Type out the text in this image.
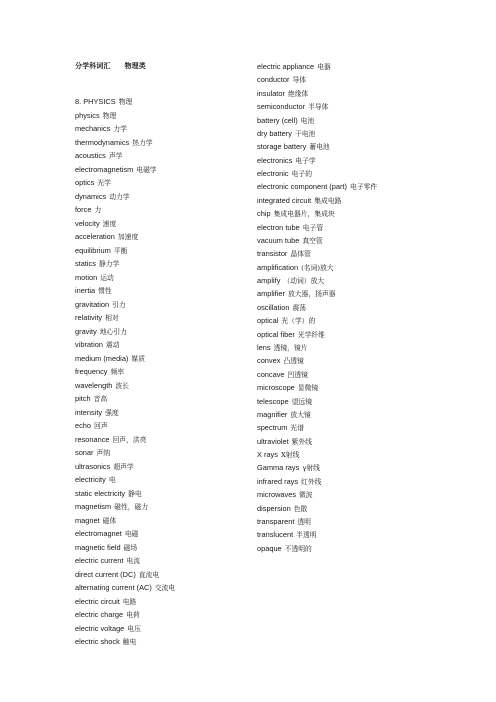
分学科词汇 物理类
8. PHYSICS 物理
physics 物理
mechanics 力学
thermodynamics 热力学
acoustics 声学
electromagnetism 电磁学
optics 光学
dynamics 动力学
force 力
velocity 速度
acceleration 加速度
equilibrium 平衡
statics 静力学
motion 运动
inertia 惯性
gravitation 引力
relativity 相对
gravity 地心引力
vibration 震动
medium (media) 媒质
frequency 频率
wavelength 波长
pitch 音高
intensity 强度
echo 回声
resonance 回声，洪亮
sonar 声纳
ultrasonics 超声学
electricity 电
static electricity 静电
magnetism 磁性，磁力
magnet 磁体
electromagnet 电磁
magnetic field 磁场
electric current 电流
direct current (DC) 直流电
alternating current (AC) 交流电
electric circuit 电路
electric charge 电荷
electric voltage 电压
electric shock 触电
electric appliance 电器
conductor 导体
insulator 绝缘体
semiconductor 半导体
battery (cell) 电池
dry battery 干电池
storage battery 蓄电池
electronics 电子学
electronic 电子的
electronic component (part) 电子零件
integrated circuit 集成电路
chip 集成电器片，集成块
electron tube 电子管
vacuum tube 真空管
transistor 晶体管
amplification (名词)放大
amplify （动词）放大
amplifier 放大器，扬声器
oscillation 震荡
optical 光（学）的
optical fiber 光学纤维
lens 透镜，镜片
convex 凸透镜
concave 凹透镜
microscope 显微镜
telescope 望远镜
magnifier 放大镜
spectrum 光谱
ultraviolet 紫外线
X rays X射线
Gamma rays γ射线
infrared rays 红外线
microwaves 微波
dispersion 色散
transparent 透明
translucent 半透明
opaque 不透明的
